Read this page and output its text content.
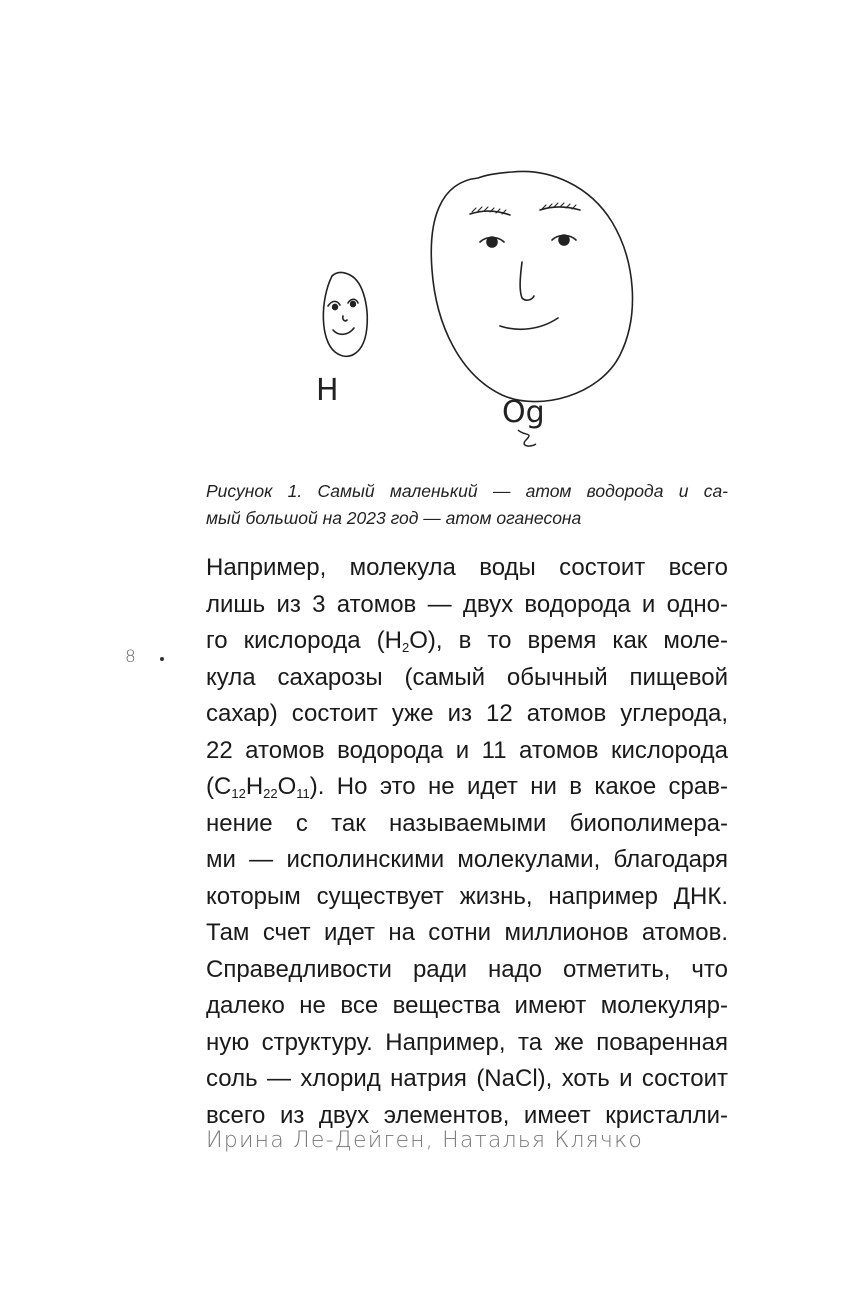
H
Og
Рисунок 1. Самый маленький — атом водорода и са-
мый большой на 2023 год — атом оганесона
8
Например, молекула воды состоит всего
лишь из 3 атомов — двух водорода и одно-
го кислорода $(H_2O)$, в то время как моле-
кула сахарозы (самый обычный пищевой
сахар) состоит уже из 12 атомов углерода,
22 атомов водорода и 11 атомов кислорода
$(C_{12}H_{22}O_{11})$. Но это не идет ни в какое срав-
нение с так называемыми биополимера-
ми — исполинскими молекулами, благодаря
которым существует жизнь, например ДНК.
Там счет идет на сотни миллионов атомов.
Справедливости ради надо отметить, что
далеко не все вещества имеют молекуляр-
ную структуру. Например, та же поваренная
соль — хлорид натрия (NaCl), хоть и состоит
всего из двух элементов, имеет кристалли-
Ирина Ле-Дейген, Наталья Клячко
